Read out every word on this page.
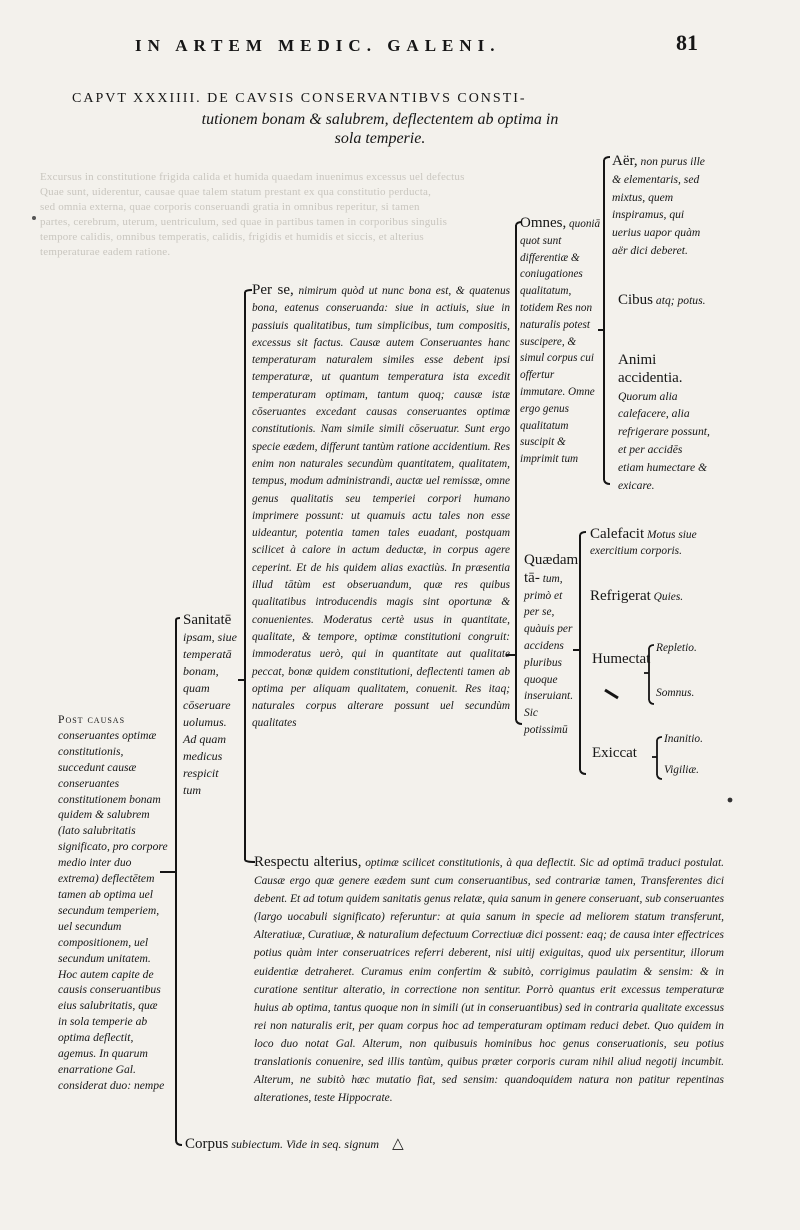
Excursus in constitutione frigida calida et humida quaedam inuenimus excessus uel defectus
Quae sunt, uiderentur, causae quae talem statum prestant ex qua constitutio perducta,
sed omnia externa, quae corporis conseruandi gratia in omnibus reperitur, si tamen
partes, cerebrum, uterum, uentriculum, sed quae in partibus tamen in corporibus singulis
tempore calidis, omnibus temperatis, calidis, frigidis et humidis et siccis, et alterius
temperaturae eadem ratione.
IN ARTEM MEDIC. GALENI.	81
CAPVT XXXIIII. DE CAVSIS CONSERVANTIBVS CONSTI-
tutionem bonam & salubrem, deflectentem ab optima in sola temperie.
Post causas conseruantes optimæ constitutionis, succedunt causæ conseruantes constitutionem bonam quidem & salubrem (lato salubritatis significato, pro corpore medio inter duo extrema) deflectētem tamen ab optima uel secundum temperiem, uel secundum compositionem, uel secundum unitatem. Hoc autem capite de causis conseruantibus eius salubritatis, quæ in sola temperie ab optima deflectit, agemus. In quarum enarratione Gal. considerat duo: nempe
Sanitatē ipsam, siue temperatā bonam, quam cōseruare uolumus. Ad quam medicus respicit tum
Per se, nimirum quòd ut nunc bona est, & quatenus bona, eatenus conseruanda: siue in actiuis, siue in passiuis qualitatibus, tum simplicibus, tum compositis, excessus sit factus. Causæ autem Conseruantes hanc temperaturam naturalem similes esse debent ipsi temperaturæ, ut quantum temperatura ista excedit temperaturam optimam, tantum quoq; causæ istæ cōseruantes excedant causas conseruantes optimæ constitutionis. Nam simile simili cōseruatur. Sunt ergo specie eædem, differunt tantùm ratione accidentium. Res enim non naturales secundùm quantitatem, qualitatem, tempus, modum administrandi, auctæ uel remissæ, omne genus qualitatis seu temperiei corpori humano imprimere possunt: ut quamuis actu tales non esse uideantur, potentia tamen tales euadant, postquam scilicet à calore in actum deductæ, in corpus agere ceperint. Et de his quidem alias exactiùs. In præsentia illud tātùm est obseruandum, quæ res quibus qualitatibus introducendis magis sint oportunæ & conuenientes. Moderatus certè usus in quantitate, qualitate, & tempore, optimæ constitutioni congruit: immoderatus uerò, qui in quantitate aut qualitate peccat, bonæ quidem constitutioni, deflectenti tamen ab optima per aliquam qualitatem, conuenit. Res itaq; naturales corpus alterare possunt uel secundùm qualitates
Omnes, quoniā quot sunt differentiæ & coniugationes qualitatum, totidem Res non naturalis potest suscipere, & simul corpus cui offertur immutare. Omne ergo genus qualitatum suscipit & imprimit tum
Aër, non purus ille & elementaris, sed mixtus, quem inspiramus, qui uerius uapor quàm aër dici deberet.
Cibus atq; potus.
Animi accidentia. Quorum alia calefacere, alia refrigerare possunt, et per accidēs etiam humectare & exicare.
Quædam tā- tum, primò et per se, quàuis per accidens pluribus quoque inseruiant. Sic potissimū
Calefacit Motus siue exercitium corporis.
Refrigerat Quies.
Humectat
Repletio.
Somnus.
Exiccat
Inanitio.
Vigiliæ.
Respectu alterius, optimæ scilicet constitutionis, à qua deflectit. Sic ad optimā traduci postulat. Causæ ergo quæ genere eædem sunt cum conseruantibus, sed contrariæ tamen, Transferentes dici debent. Et ad totum quidem sanitatis genus relatæ, quia sanum in genere conseruant, sub conseruantes (largo uocabuli significato) referuntur: at quia sanum in specie ad meliorem statum transferunt, Alteratiuæ, Curatiuæ, & naturalium defectuum Correctiuæ dici possent: eaq; de causa inter effectrices potius quàm inter conseruatrices referri deberent, nisi uitij exiguitas, quod uix persentitur, illorum euidentiæ detraheret. Curamus enim confertim & subitò, corrigimus paulatim & sensim: & in curatione sentitur alteratio, in correctione non sentitur. Porrò quantus erit excessus temperaturæ huius ab optima, tantus quoque non in simili (ut in conseruantibus) sed in contraria qualitate excessus rei non naturalis erit, per quam corpus hoc ad temperaturam optimam reduci debet. Quo quidem in loco duo notat Gal. Alterum, non quibusuis hominibus hoc genus conseruationis, seu potius translationis conuenire, sed illis tantùm, quibus præter corporis curam nihil aliud negotij incumbit. Alterum, ne subitò hæc mutatio fiat, sed sensim: quandoquidem natura non patitur repentinas alterationes, teste Hippocrate.
Corpus subiectum. Vide in seq. signum △
